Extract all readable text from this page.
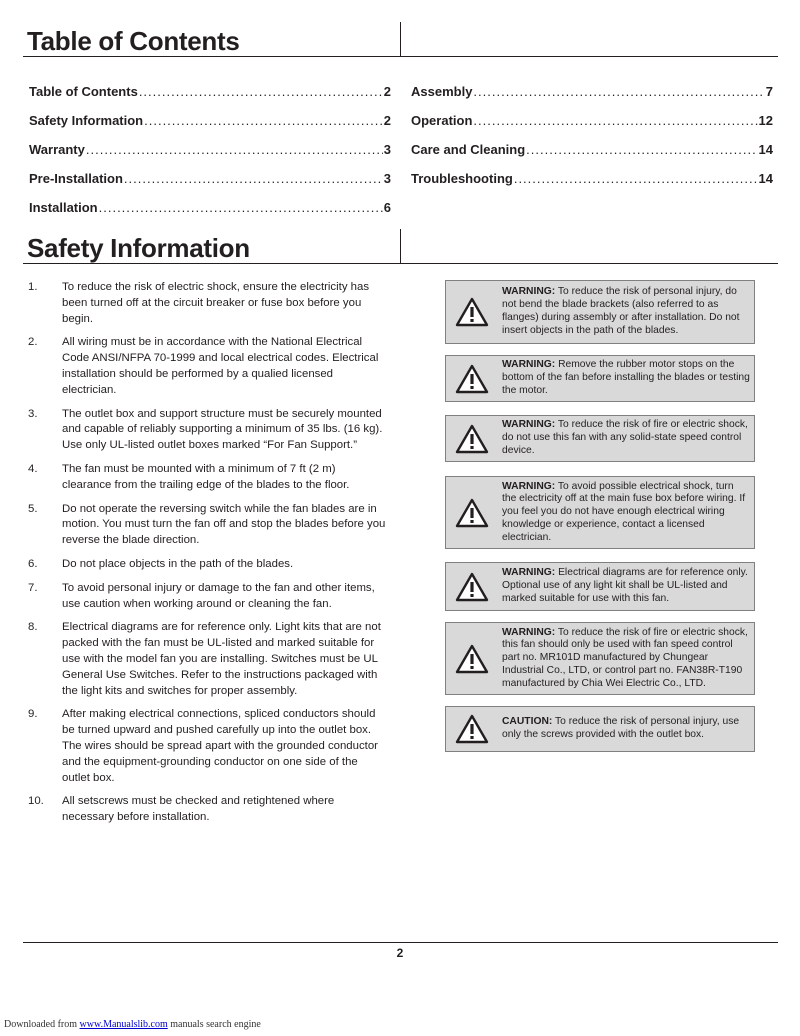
Table of Contents
Table of Contents .....	2
Safety Information .....	2
Warranty .....	3
Pre-Installation .....	3
Installation .....	6
Assembly .....	7
Operation .....	12
Care and Cleaning .....	14
Troubleshooting .....	14
Safety Information
1.	To reduce the risk of electric shock, ensure the electricity has been turned off at the circuit breaker or fuse box before you begin.
2.	All wiring must be in accordance with the National Electrical Code ANSI/NFPA 70-1999 and local electrical codes. Electrical installation should be performed by a qualied licensed electrician.
3.	The outlet box and support structure must be securely mounted and capable of reliably supporting a minimum of 35 lbs. (16 kg). Use only UL-listed outlet boxes marked “For Fan Support.”
4.	The fan must be mounted with a minimum of 7 ft (2 m) clearance from the trailing edge of the blades to the floor.
5.	Do not operate the reversing switch while the fan blades are in motion. You must turn the fan off and stop the blades before you reverse the blade direction.
6.	Do not place objects in the path of the blades.
7.	To avoid personal injury or damage to the fan and other items, use caution when working around or cleaning the fan.
8.	Electrical diagrams are for reference only. Light kits that are not packed with the fan must be UL-listed and marked suitable for use with the model fan you are installing. Switches must be UL General Use Switches. Refer to the instructions packaged with the light kits and switches for proper assembly.
9.	After making electrical connections, spliced conductors should be turned upward and pushed carefully up into the outlet box. The wires should be spread apart with the grounded conductor and the equipment-grounding conductor on one side of the outlet box.
10.	All setscrews must be checked and retightened where necessary before installation.
WARNING: To reduce the risk of personal injury, do not bend the blade brackets (also referred to as flanges) during assembly or after installation. Do not insert objects in the path of the blades.
WARNING: Remove the rubber motor stops on the bottom of the fan before installing the blades or testing the motor.
WARNING: To reduce the risk of fire or electric shock, do not use this fan with any solid-state speed control device.
WARNING: To avoid possible electrical shock, turn the electricity off at the main fuse box before wiring. If you feel you do not have enough electrical wiring knowledge or experience, contact a licensed electrician.
WARNING: Electrical diagrams are for reference only. Optional use of any light kit shall be UL-listed and marked suitable for use with this fan.
WARNING: To reduce the risk of fire or electric shock, this fan should only be used with fan speed control part no. MR101D manufactured by Chungear Industrial Co., LTD, or control part no. FAN38R-T190 manufactured by Chia Wei Electric Co., LTD.
CAUTION: To reduce the risk of personal injury, use only the screws provided with the outlet box.
2
Downloaded from www.Manualslib.com manuals search engine
